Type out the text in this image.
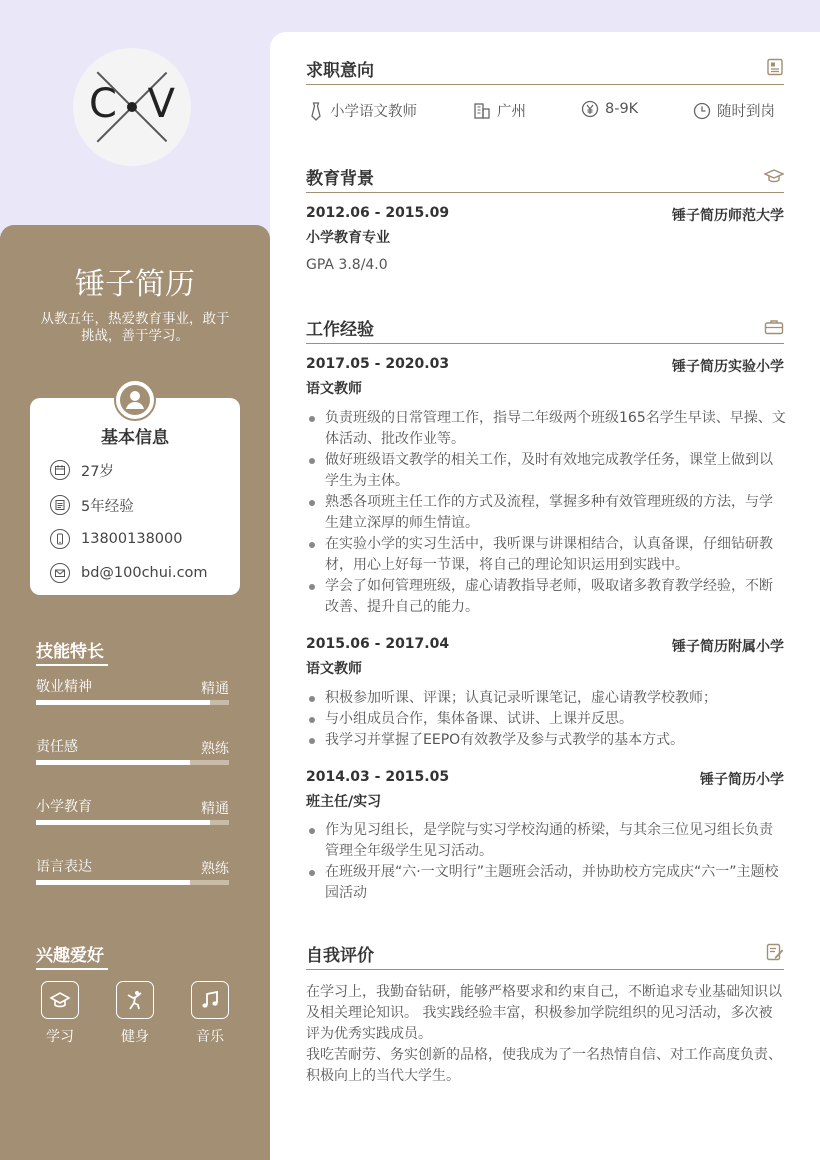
C V
锤子简历
从教五年，热爱教育事业，敢于挑战，善于学习。
基本信息
27岁
5年经验
13800138000
bd@100chui.com
技能特长
敬业精神	精通
责任感	熟练
小学教育	精通
语言表达	熟练
兴趣爱好
学习	健身	音乐
求职意向
小学语文教师	广州	8-9K	随时到岗
教育背景
2012.06 - 2015.09	锤子简历师范大学
小学教育专业
GPA 3.8/4.0
工作经验
2017.05 - 2020.03	锤子简历实验小学
语文教师
负责班级的日常管理工作，指导二年级两个班级165名学生早读、早操、文体活动、批改作业等。
做好班级语文教学的相关工作，及时有效地完成教学任务，课堂上做到以学生为主体。
熟悉各项班主任工作的方式及流程，掌握多种有效管理班级的方法，与学生建立深厚的师生情谊。
在实验小学的实习生活中，我听课与讲课相结合，认真备课，仔细钻研教材，用心上好每一节课，将自己的理论知识运用到实践中。
学会了如何管理班级，虚心请教指导老师，吸取诸多教育教学经验，不断改善、提升自己的能力。
2015.06 - 2017.04	锤子简历附属小学
语文教师
积极参加听课、评课；认真记录听课笔记，虚心请教学校教师；
与小组成员合作，集体备课、试讲、上课并反思。
我学习并掌握了EEPO有效教学及参与式教学的基本方式。
2014.03 - 2015.05	锤子简历小学
班主任/实习
作为见习组长，是学院与实习学校沟通的桥梁，与其余三位见习组长负责管理全年级学生见习活动。
在班级开展“六·一文明行”主题班会活动，并协助校方完成庆“六一”主题校园活动
自我评价
在学习上，我勤奋钻研，能够严格要求和约束自己，不断追求专业基础知识以及相关理论知识。 我实践经验丰富，积极参加学院组织的见习活动，多次被评为优秀实践成员。
我吃苦耐劳、务实创新的品格，使我成为了一名热情自信、对工作高度负责、积极向上的当代大学生。
